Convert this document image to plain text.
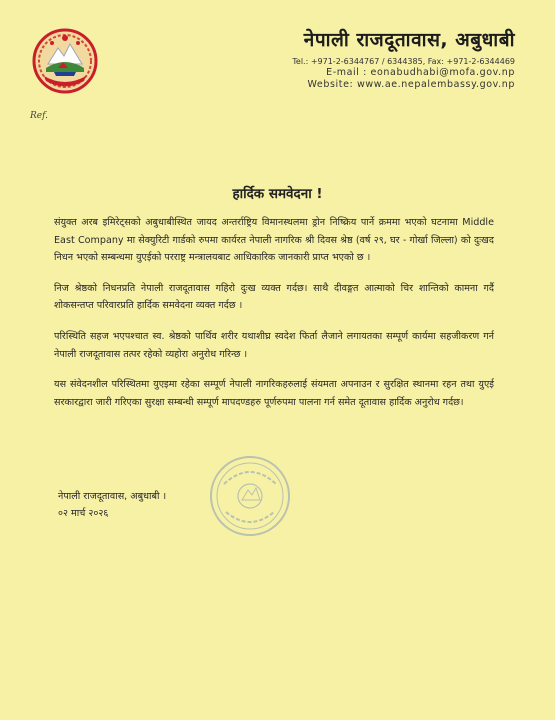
नेपाली राजदूतावास, अबुधाबी
Tel.: +971-2-6344767 / 6344385, Fax: +971-2-6344469
E-mail : eonabudhabi@mofa.gov.np
Website: www.ae.nepalembassy.gov.np
Ref.
हार्दिक समवेदना !

संयुक्त अरब इमिरेट्सको अबुधाबीस्थित जायद अन्तर्राष्ट्रिय विमानस्थलमा ड्रोन निष्क्रिय पार्ने क्रममा भएको घटनामा Middle East Company मा सेक्युरिटी गार्डको रुपमा कार्यरत नेपाली नागरिक श्री दिवस श्रेष्ठ (वर्ष २९, घर - गोर्खा जिल्ला) को दुःखद निधन भएको सम्बन्धमा युएईको परराष्ट्र मन्त्रालयबाट आधिकारिक जानकारी प्राप्त भएको छ ।

निज श्रेष्ठको निधनप्रति नेपाली राजदूतावास गहिरो दुःख व्यक्त गर्दछ। साथै दीवङ्गत आत्माको चिर शान्तिको कामना गर्दै शोकसन्तप्त परिवारप्रति हार्दिक समवेदना व्यक्त गर्दछ ।

परिस्थिति सहज भएपश्चात स्व. श्रेष्ठको पार्थिव शरीर यथाशीघ्र स्वदेश फिर्ता लैजाने लगायतका सम्पूर्ण कार्यमा सहजीकरण गर्न नेपाली राजदूतावास तत्पर रहेको व्यहोरा अनुरोध गरिन्छ ।

यस संवेदनशील परिस्थितमा युएइमा रहेका सम्पूर्ण नेपाली नागरिकहरुलाई संयमता अपनाउन र सुरक्षित स्थानमा रहन तथा युएई सरकारद्वारा जारी गरिएका सुरक्षा सम्बन्धी सम्पूर्ण मापदण्डहरु पूर्णरुपमा पालना गर्न समेत दूतावास हार्दिक अनुरोध गर्दछ।

नेपाली राजदूतावास, अबुधाबी ।
०२ मार्च २०२६
